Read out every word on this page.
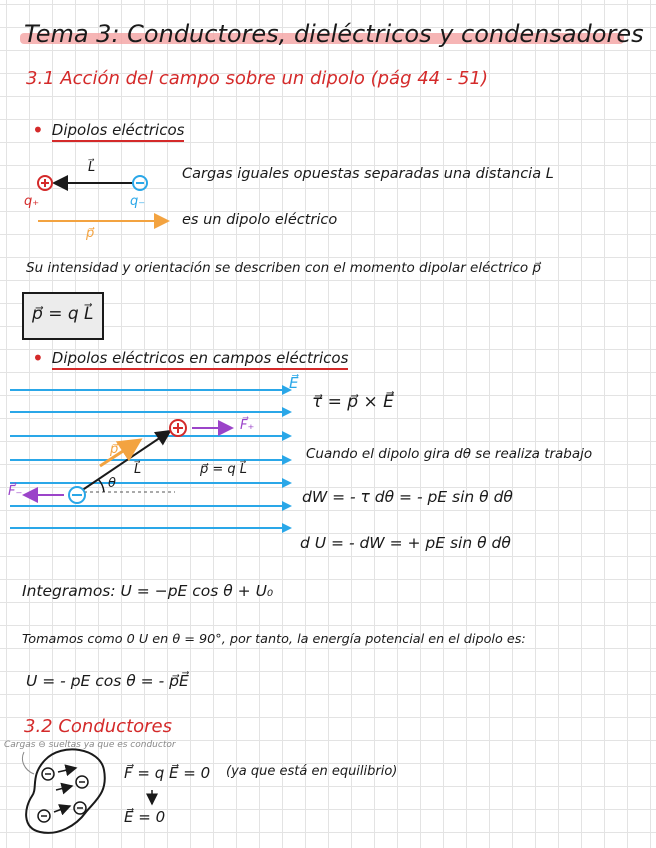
Tema 3: Conductores, dieléctricos y condensadores
3.1 Acción del campo sobre un dipolo (pág 44 - 51)
• Dipolos eléctricos
L⃗
q₊	q₋
p⃗
Cargas iguales opuestas separadas una distancia L
es un dipolo eléctrico
Su intensidad y orientación se describen con el momento dipolar eléctrico p⃗
p⃗ = q L⃗
• Dipolos eléctricos en campos eléctricos
E⃗
F⃗₊
F⃗₋
p⃗
L⃗
θ
p⃗ = q L⃗
τ⃗ = p⃗ × E⃗
Cuando el dipolo gira dθ se realiza trabajo
dW = - τ dθ = - pE sin θ dθ
d U = - dW = + pE sin θ dθ
Integramos: U = −pE cos θ + U₀
Tomamos como 0 U en θ = 90°, por tanto, la energía potencial en el dipolo es:
U = - pE cos θ = - p⃗E⃗
3.2 Conductores
Cargas ⊖ sueltas ya que es conductor
F⃗ = q E⃗ = 0 (ya que está en equilibrio)
E⃗ = 0
